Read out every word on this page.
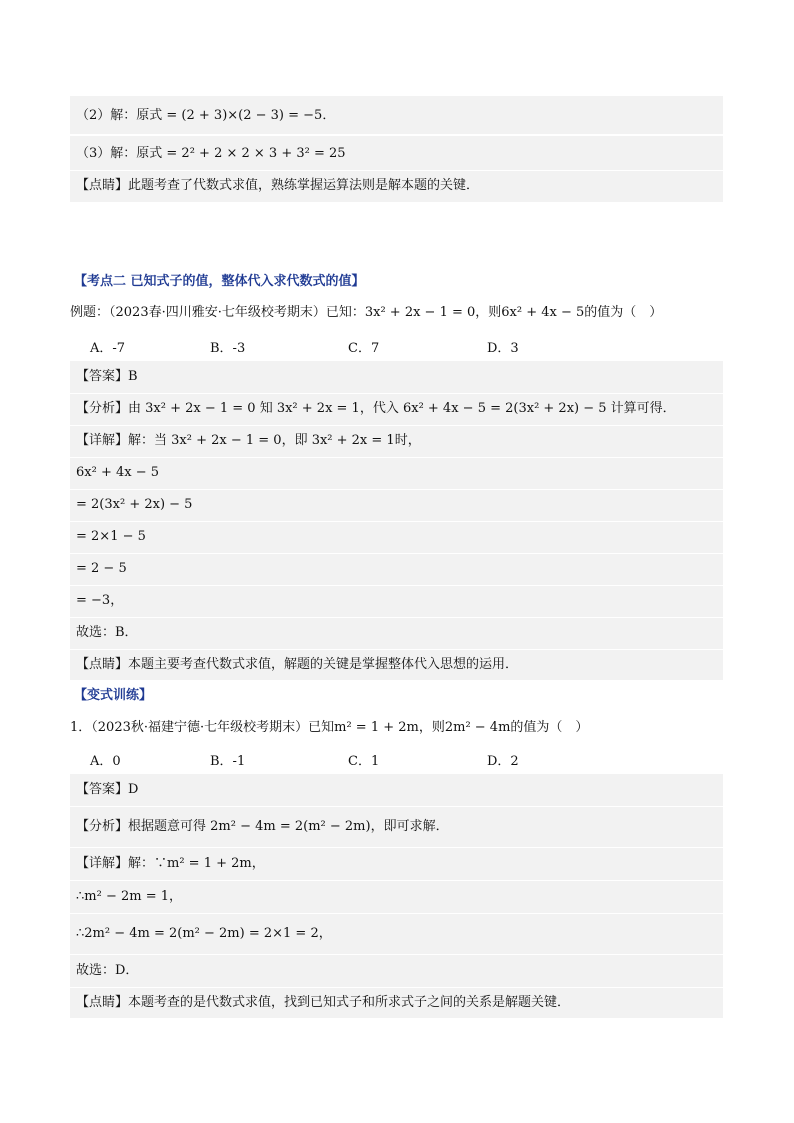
（2）解：原式 = (2 + 3)×(2 − 3) = −5．
（3）解：原式 = 2² + 2 × 2 × 3 + 3² = 25
【点睛】此题考查了代数式求值，熟练掌握运算法则是解本题的关键．
【考点二 已知式子的值，整体代入求代数式的值】
例题：（2023春·四川雅安·七年级校考期末）已知：3x² + 2x − 1 = 0，则6x² + 4x − 5的值为（　）
A．-7	B．-3	C．7	D．3
【答案】B
【分析】由 3x² + 2x − 1 = 0 知 3x² + 2x = 1，代入 6x² + 4x − 5 = 2(3x² + 2x) − 5 计算可得．
【详解】解：当 3x² + 2x − 1 = 0，即 3x² + 2x = 1时，
6x² + 4x − 5
= 2(3x² + 2x) − 5
= 2×1 − 5
= 2 − 5
= −3，
故选：B．
【点睛】本题主要考查代数式求值，解题的关键是掌握整体代入思想的运用．
【变式训练】
1．（2023秋·福建宁德·七年级校考期末）已知m² = 1 + 2m，则2m² − 4m的值为（　）
A．0	B．-1	C．1	D．2
【答案】D
【分析】根据题意可得 2m² − 4m = 2(m² − 2m)，即可求解．
【详解】解：∵m² = 1 + 2m，
∴m² − 2m = 1，
∴2m² − 4m = 2(m² − 2m) = 2×1 = 2，
故选：D．
【点睛】本题考查的是代数式求值，找到已知式子和所求式子之间的关系是解题关键．
